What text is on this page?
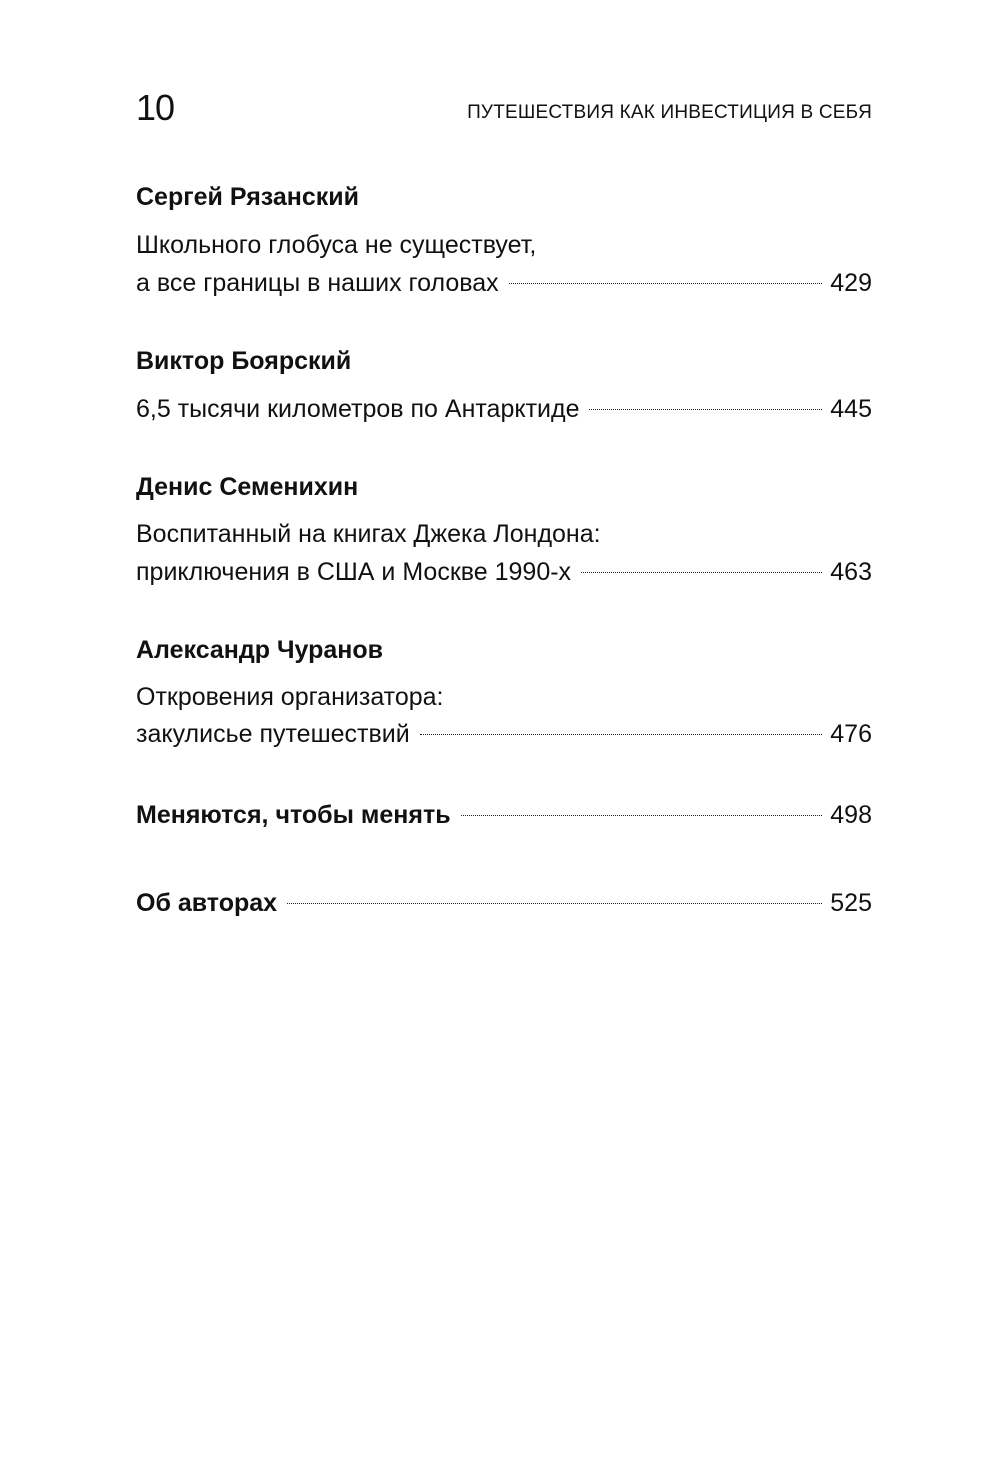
10	ПУТЕШЕСТВИЯ КАК ИНВЕСТИЦИЯ В СЕБЯ
Сергей Рязанский
Школьного глобуса не существует,
а все границы в наших головах	429
Виктор Боярский
6,5 тысячи километров по Антарктиде	445
Денис Семенихин
Воспитанный на книгах Джека Лондона:
приключения в США и Москве 1990-х	463
Александр Чуранов
Откровения организатора:
закулисье путешествий	476
Меняются, чтобы менять	498
Об авторах	525
